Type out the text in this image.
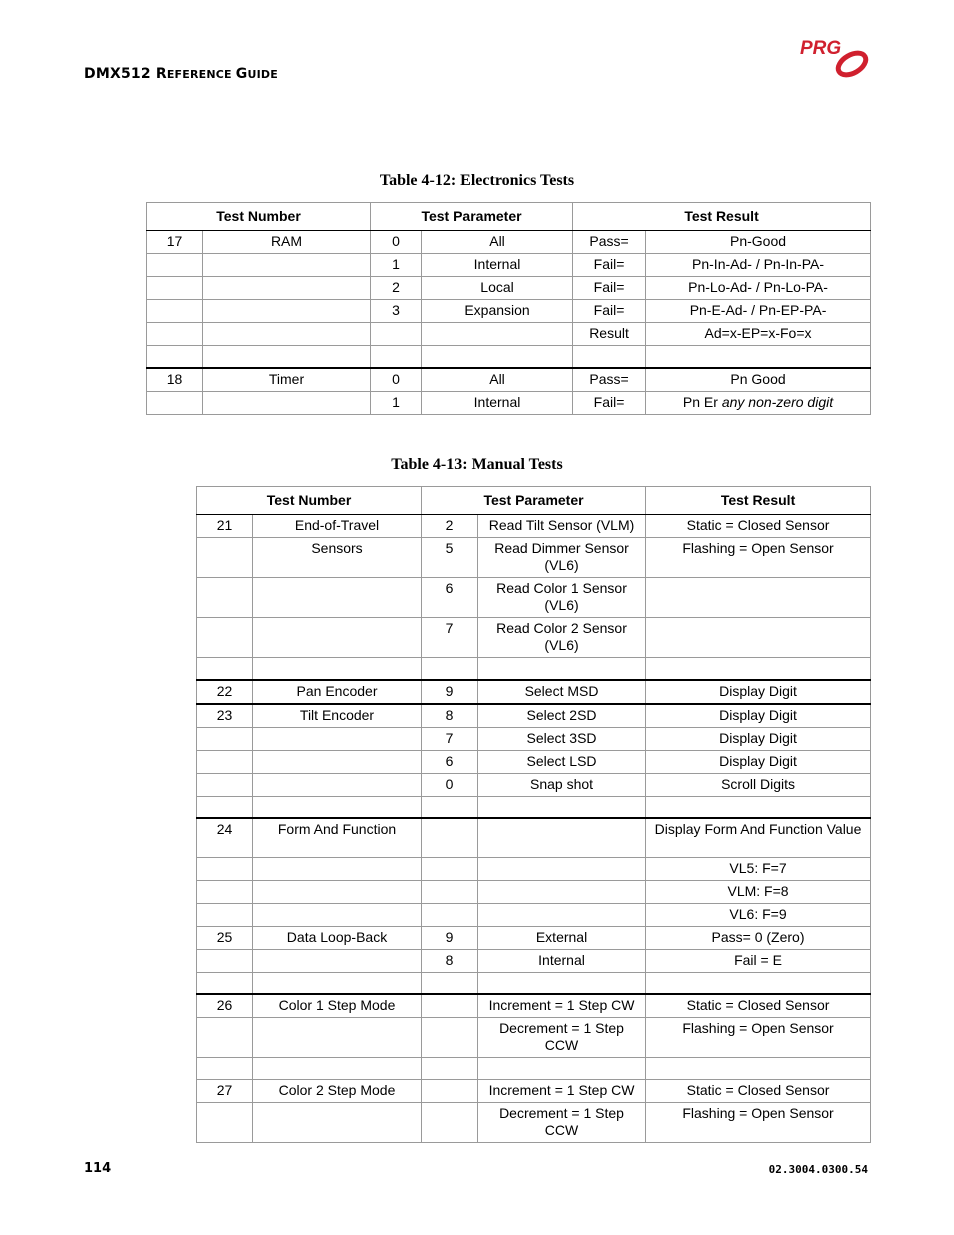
DMX512 REFERENCE GUIDE
PRG
Table 4-12: Electronics Tests
Test Number		Test Parameter		Test Result	
17	RAM	0	All	Pass=	Pn-Good
		1	Internal	Fail=	Pn-In-Ad- / Pn-In-PA-
		2	Local	Fail=	Pn-Lo-Ad- / Pn-Lo-PA-
		3	Expansion	Fail=	Pn-E-Ad- / Pn-EP-PA-
				Result	Ad=x-EP=x-Fo=x

18	Timer	0	All	Pass=	Pn Good
		1	Internal	Fail=	Pn Er any non-zero digit
Table 4-13: Manual Tests
Test Number		Test Parameter		Test Result
21	End-of-Travel	2	Read Tilt Sensor (VLM)	Static = Closed Sensor
	Sensors	5	Read Dimmer Sensor (VL6)	Flashing = Open Sensor
		6	Read Color 1 Sensor (VL6)	
		7	Read Color 2 Sensor (VL6)	

22	Pan Encoder	9	Select MSD	Display Digit
23	Tilt Encoder	8	Select 2SD	Display Digit
		7	Select 3SD	Display Digit
		6	Select LSD	Display Digit
		0	Snap shot	Scroll Digits

24	Form And Function			Display Form And Function Value
				VL5: F=7
				VLM: F=8
				VL6: F=9
25	Data Loop-Back	9	External	Pass= 0 (Zero)
		8	Internal	Fail = E

26	Color 1 Step Mode		Increment = 1 Step CW	Static = Closed Sensor
			Decrement = 1 Step CCW	Flashing = Open Sensor

27	Color 2 Step Mode		Increment = 1 Step CW	Static = Closed Sensor
			Decrement = 1 Step CCW	Flashing = Open Sensor
114	02.3004.0300.54
